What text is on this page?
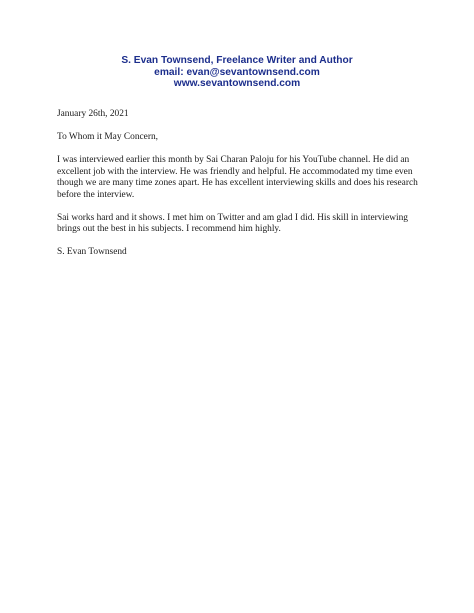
S. Evan Townsend, Freelance Writer and Author
email: evan@sevantownsend.com
www.sevantownsend.com

January 26th, 2021

To Whom it May Concern,

I was interviewed earlier this month by Sai Charan Paloju for his YouTube channel. He did an excellent job with the interview. He was friendly and helpful. He accommodated my time even though we are many time zones apart. He has excellent interviewing skills and does his research before the interview.

Sai works hard and it shows. I met him on Twitter and am glad I did. His skill in interviewing brings out the best in his subjects. I recommend him highly.

S. Evan Townsend
